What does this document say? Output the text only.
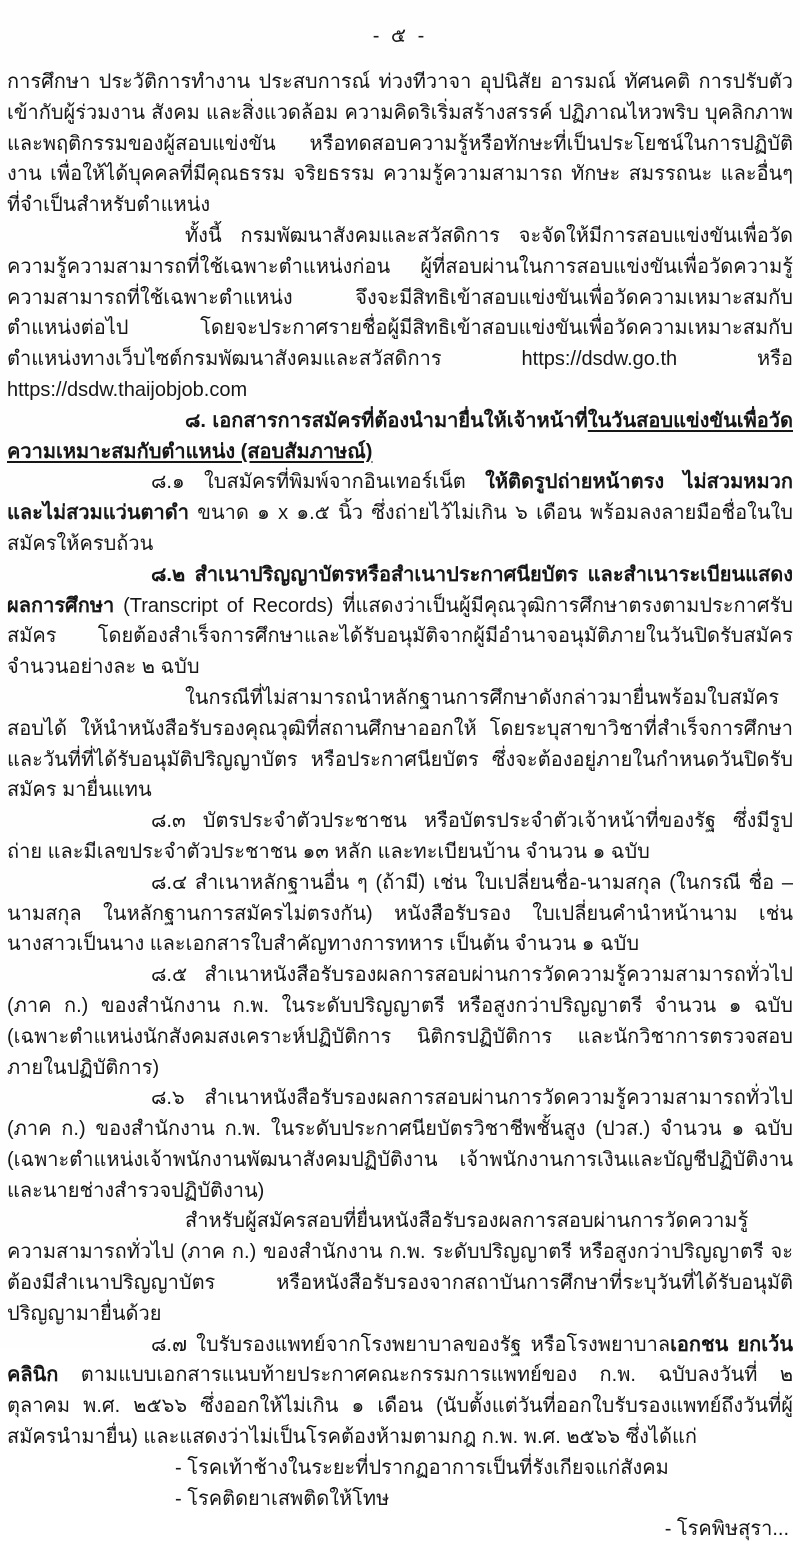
- ๕ -

การศึกษา ประวัติการทำงาน ประสบการณ์ ท่วงทีวาจา อุปนิสัย อารมณ์ ทัศนคติ การปรับตัวเข้ากับผู้ร่วมงาน สังคม และสิ่งแวดล้อม ความคิดริเริ่มสร้างสรรค์ ปฏิภาณไหวพริบ บุคลิกภาพและพฤติกรรมของผู้สอบแข่งขัน หรือทดสอบความรู้หรือทักษะที่เป็นประโยชน์ในการปฏิบัติงาน เพื่อให้ได้บุคคลที่มีคุณธรรม จริยธรรม ความรู้ความสามารถ ทักษะ สมรรถนะ และอื่นๆ ที่จำเป็นสำหรับตำแหน่ง

ทั้งนี้ กรมพัฒนาสังคมและสวัสดิการ จะจัดให้มีการสอบแข่งขันเพื่อวัดความรู้ความสามารถที่ใช้เฉพาะตำแหน่งก่อน ผู้ที่สอบผ่านในการสอบแข่งขันเพื่อวัดความรู้ความสามารถที่ใช้เฉพาะตำแหน่ง จึงจะมีสิทธิเข้าสอบแข่งขันเพื่อวัดความเหมาะสมกับตำแหน่งต่อไป โดยจะประกาศรายชื่อผู้มีสิทธิเข้าสอบแข่งขันเพื่อวัดความเหมาะสมกับตำแหน่งทางเว็บไซต์กรมพัฒนาสังคมและสวัสดิการ https://dsdw.go.th หรือ https://dsdw.thaijobjob.com

๘. เอกสารการสมัครที่ต้องนำมายื่นให้เจ้าหน้าที่ในวันสอบแข่งขันเพื่อวัดความเหมาะสมกับตำแหน่ง (สอบสัมภาษณ์)

๘.๑ ใบสมัครที่พิมพ์จากอินเทอร์เน็ต ให้ติดรูปถ่ายหน้าตรง ไม่สวมหมวก และไม่สวมแว่นตาดำ ขนาด ๑ x ๑.๕ นิ้ว ซึ่งถ่ายไว้ไม่เกิน ๖ เดือน พร้อมลงลายมือชื่อในใบสมัครให้ครบถ้วน

๘.๒ สำเนาปริญญาบัตรหรือสำเนาประกาศนียบัตร และสำเนาระเบียนแสดงผลการศึกษา (Transcript of Records) ที่แสดงว่าเป็นผู้มีคุณวุฒิการศึกษาตรงตามประกาศรับสมัคร โดยต้องสำเร็จการศึกษาและได้รับอนุมัติจากผู้มีอำนาจอนุมัติภายในวันปิดรับสมัครจำนวนอย่างละ ๒ ฉบับ

ในกรณีที่ไม่สามารถนำหลักฐานการศึกษาดังกล่าวมายื่นพร้อมใบสมัครสอบได้ ให้นำหนังสือรับรองคุณวุฒิที่สถานศึกษาออกให้ โดยระบุสาขาวิชาที่สำเร็จการศึกษาและวันที่ที่ได้รับอนุมัติปริญญาบัตร หรือประกาศนียบัตร ซึ่งจะต้องอยู่ภายในกำหนดวันปิดรับสมัคร มายื่นแทน

๘.๓ บัตรประจำตัวประชาชน หรือบัตรประจำตัวเจ้าหน้าที่ของรัฐ ซึ่งมีรูปถ่าย และมีเลขประจำตัวประชาชน ๑๓ หลัก และทะเบียนบ้าน จำนวน ๑ ฉบับ

๘.๔ สำเนาหลักฐานอื่น ๆ (ถ้ามี) เช่น ใบเปลี่ยนชื่อ-นามสกุล (ในกรณี ชื่อ – นามสกุล ในหลักฐานการสมัครไม่ตรงกัน) หนังสือรับรอง ใบเปลี่ยนคำนำหน้านาม เช่น นางสาวเป็นนาง และเอกสารใบสำคัญทางการทหาร เป็นต้น จำนวน ๑ ฉบับ

๘.๕ สำเนาหนังสือรับรองผลการสอบผ่านการวัดความรู้ความสามารถทั่วไป (ภาค ก.) ของสำนักงาน ก.พ. ในระดับปริญญาตรี หรือสูงกว่าปริญญาตรี จำนวน ๑ ฉบับ (เฉพาะตำแหน่งนักสังคมสงเคราะห์ปฏิบัติการ นิติกรปฏิบัติการ และนักวิชาการตรวจสอบภายในปฏิบัติการ)

๘.๖ สำเนาหนังสือรับรองผลการสอบผ่านการวัดความรู้ความสามารถทั่วไป (ภาค ก.) ของสำนักงาน ก.พ. ในระดับประกาศนียบัตรวิชาชีพชั้นสูง (ปวส.) จำนวน ๑ ฉบับ (เฉพาะตำแหน่งเจ้าพนักงานพัฒนาสังคมปฏิบัติงาน เจ้าพนักงานการเงินและบัญชีปฏิบัติงาน และนายช่างสำรวจปฏิบัติงาน)

สำหรับผู้สมัครสอบที่ยื่นหนังสือรับรองผลการสอบผ่านการวัดความรู้ความสามารถทั่วไป (ภาค ก.) ของสำนักงาน ก.พ. ระดับปริญญาตรี หรือสูงกว่าปริญญาตรี จะต้องมีสำเนาปริญญาบัตร หรือหนังสือรับรองจากสถาบันการศึกษาที่ระบุวันที่ได้รับอนุมัติปริญญามายื่นด้วย

๘.๗ ใบรับรองแพทย์จากโรงพยาบาลของรัฐ หรือโรงพยาบาลเอกชน ยกเว้นคลินิก ตามแบบเอกสารแนบท้ายประกาศคณะกรรมการแพทย์ของ ก.พ. ฉบับลงวันที่ ๒ ตุลาคม พ.ศ. ๒๕๖๖ ซึ่งออกให้ไม่เกิน ๑ เดือน (นับตั้งแต่วันที่ออกใบรับรองแพทย์ถึงวันที่ผู้สมัครนำมายื่น) และแสดงว่าไม่เป็นโรคต้องห้ามตามกฎ ก.พ. พ.ศ. ๒๕๖๖ ซึ่งได้แก่

- โรคเท้าช้างในระยะที่ปรากฏอาการเป็นที่รังเกียจแก่สังคม

- โรคติดยาเสพติดให้โทษ

- โรคพิษสุรา...
